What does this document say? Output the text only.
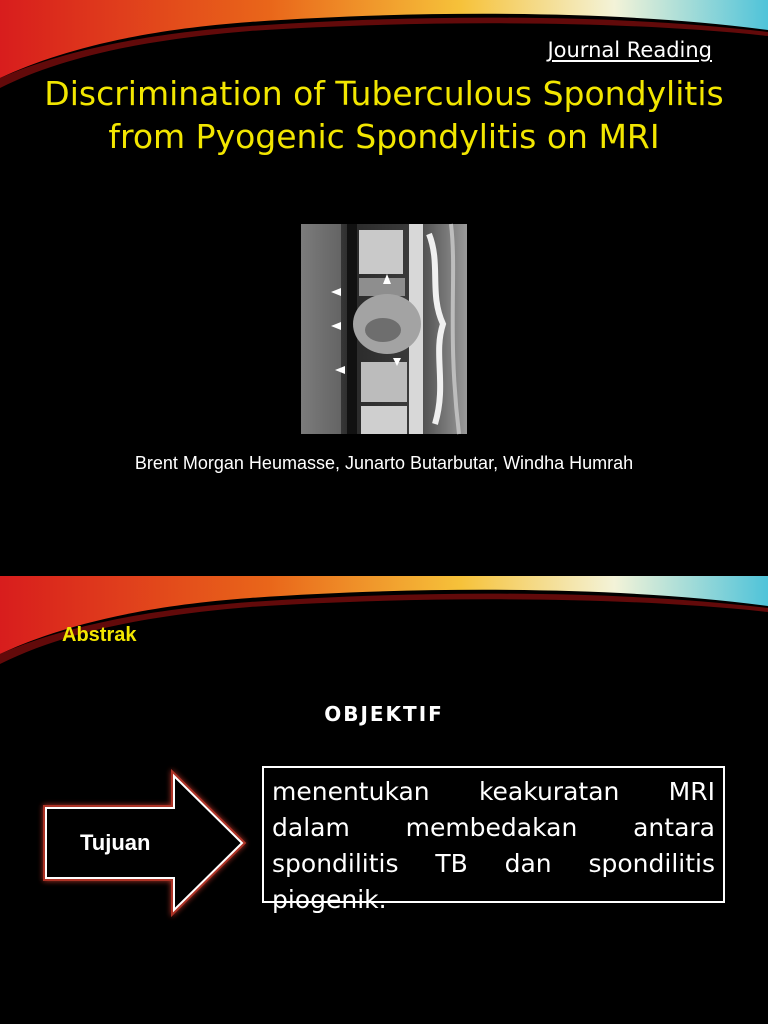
Journal Reading
Discrimination of Tuberculous Spondylitis from Pyogenic Spondylitis on MRI
Brent Morgan Heumasse, Junarto Butarbutar, Windha Humrah
Abstrak
OBJEKTIF
Tujuan
menentukan keakuratan MRI dalam membedakan antara spondilitis TB dan spondilitis piogenik.
